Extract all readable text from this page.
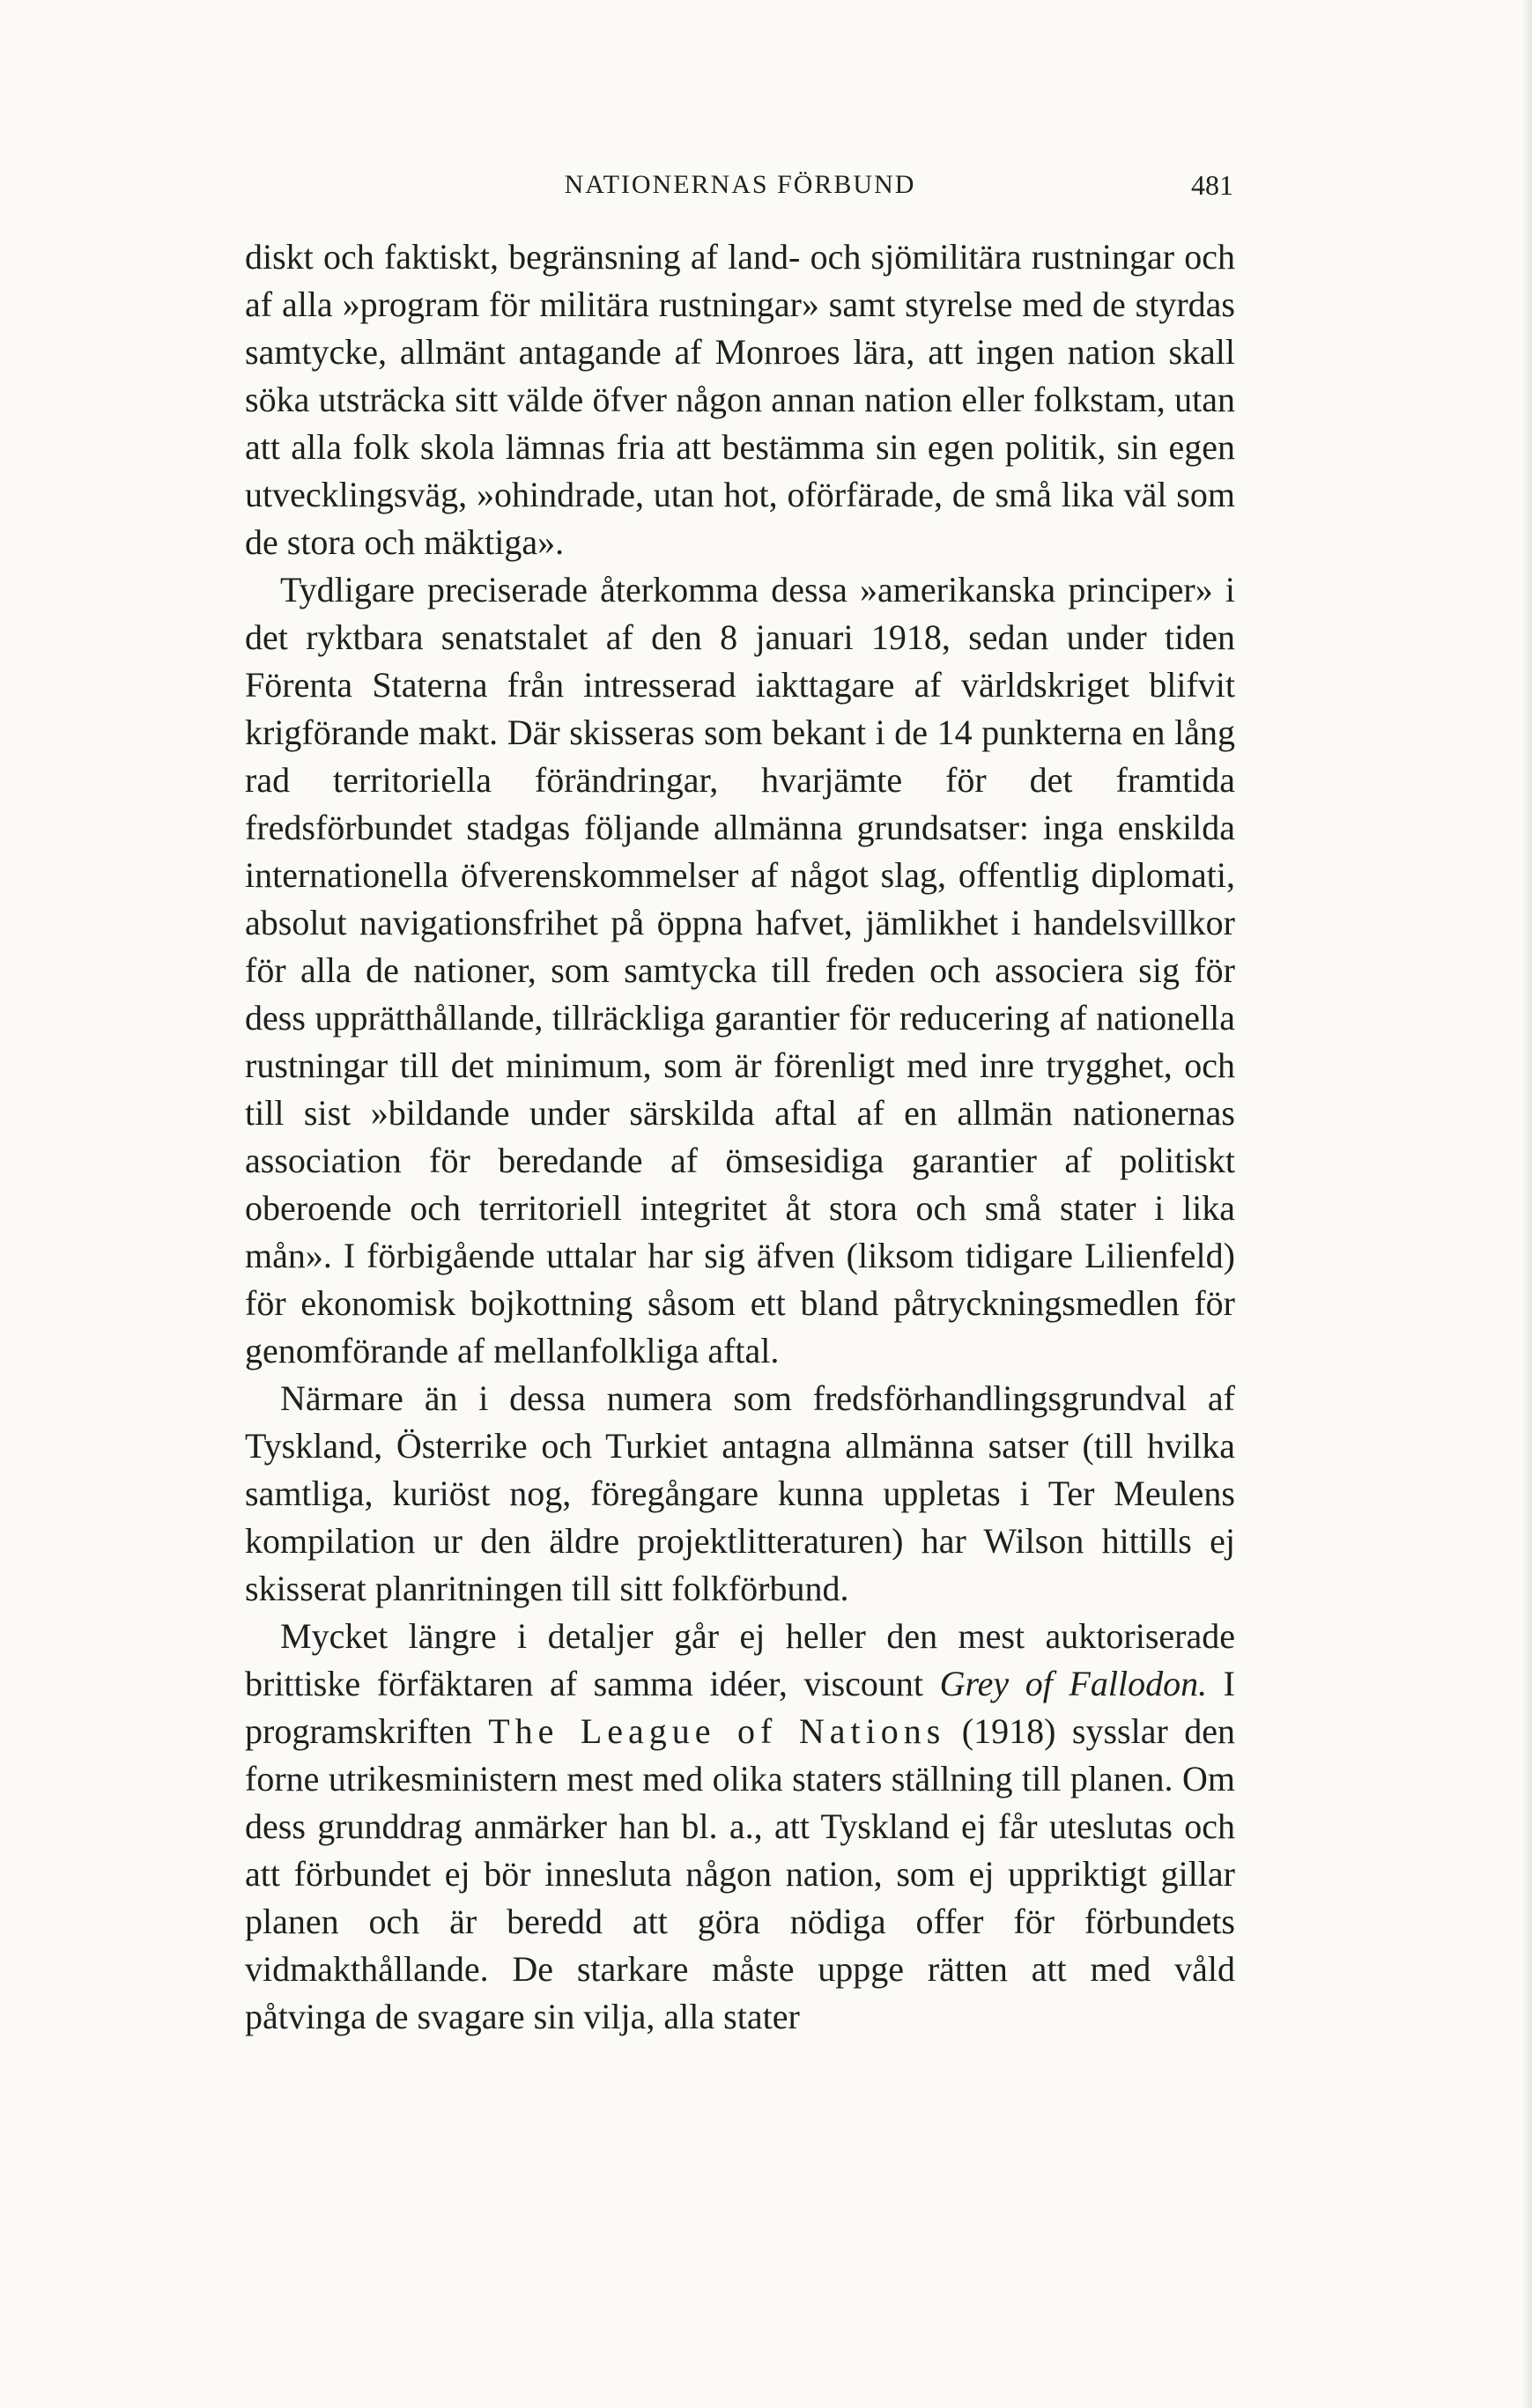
NATIONERNAS FÖRBUND	481

diskt och faktiskt, begränsning af land- och sjömilitära rustningar och af alla »program för militära rustningar» samt styrelse med de styrdas samtycke, allmänt antagande af Monroes lära, att ingen nation skall söka utsträcka sitt välde öfver någon annan nation eller folkstam, utan att alla folk skola lämnas fria att bestämma sin egen politik, sin egen utvecklingsväg, »ohindrade, utan hot, oförfärade, de små lika väl som de stora och mäktiga».

Tydligare preciserade återkomma dessa »amerikanska principer» i det ryktbara senatstalet af den 8 januari 1918, sedan under tiden Förenta Staterna från intresserad iakttagare af världskriget blifvit krigförande makt. Där skisseras som bekant i de 14 punkterna en lång rad territoriella förändringar, hvarjämte för det framtida fredsförbundet stadgas följande allmänna grundsatser: inga enskilda internationella öfverenskommelser af något slag, offentlig diplomati, absolut navigationsfrihet på öppna hafvet, jämlikhet i handelsvillkor för alla de nationer, som samtycka till freden och associera sig för dess upprätthållande, tillräckliga garantier för reducering af nationella rustningar till det minimum, som är förenligt med inre trygghet, och till sist »bildande under särskilda aftal af en allmän nationernas association för beredande af ömsesidiga garantier af politiskt oberoende och territoriell integritet åt stora och små stater i lika mån». I förbigående uttalar har sig äfven (liksom tidigare Lilienfeld) för ekonomisk bojkottning såsom ett bland påtryckningsmedlen för genomförande af mellanfolkliga aftal.

Närmare än i dessa numera som fredsförhandlingsgrundval af Tyskland, Österrike och Turkiet antagna allmänna satser (till hvilka samtliga, kuriöst nog, föregångare kunna uppletas i Ter Meulens kompilation ur den äldre projektlitteraturen) har Wilson hittills ej skisserat planritningen till sitt folkförbund.

Mycket längre i detaljer går ej heller den mest auktoriserade brittiske förfäktaren af samma idéer, viscount Grey of Fallodon. I programskriften The League of Nations (1918) sysslar den forne utrikesministern mest med olika staters ställning till planen. Om dess grunddrag anmärker han bl. a., att Tyskland ej får uteslutas och att förbundet ej bör innesluta någon nation, som ej uppriktigt gillar planen och är beredd att göra nödiga offer för förbundets vidmakthållande. De starkare måste uppge rätten att med våld påtvinga de svagare sin vilja, alla stater
